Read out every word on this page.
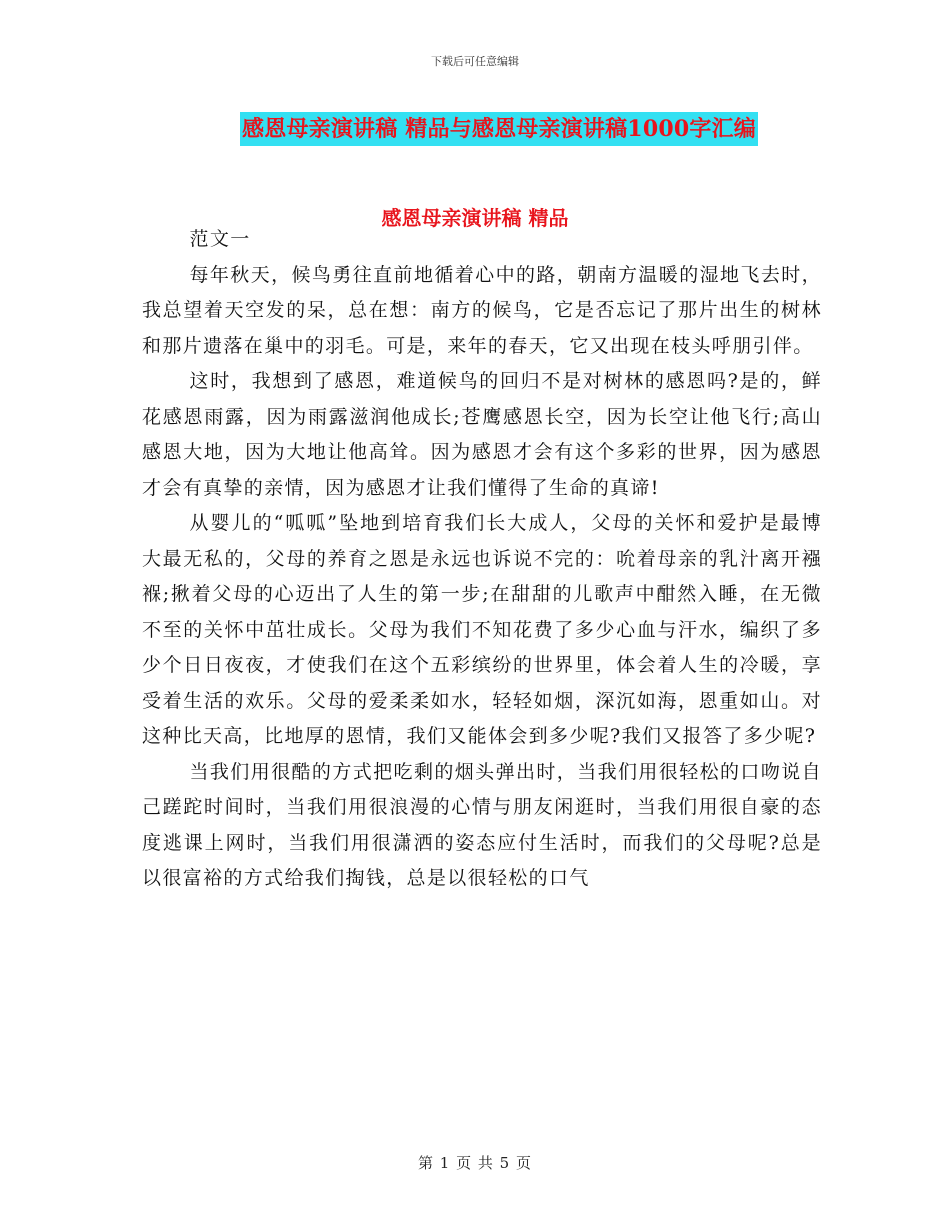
下载后可任意编辑
感恩母亲演讲稿 精品与感恩母亲演讲稿1000字汇编
感恩母亲演讲稿 精品

范文一

每年秋天，候鸟勇往直前地循着心中的路，朝南方温暖的湿地飞去时，我总望着天空发的呆，总在想：南方的候鸟，它是否忘记了那片出生的树林和那片遗落在巢中的羽毛。可是，来年的春天，它又出现在枝头呼朋引伴。

这时，我想到了感恩，难道候鸟的回归不是对树林的感恩吗?是的，鲜花感恩雨露，因为雨露滋润他成长;苍鹰感恩长空，因为长空让他飞行;高山感恩大地，因为大地让他高耸。因为感恩才会有这个多彩的世界，因为感恩才会有真挚的亲情，因为感恩才让我们懂得了生命的真谛!

从婴儿的“呱呱”坠地到培育我们长大成人，父母的关怀和爱护是最博大最无私的，父母的养育之恩是永远也诉说不完的：吮着母亲的乳汁离开襁褓;揪着父母的心迈出了人生的第一步;在甜甜的儿歌声中酣然入睡，在无微不至的关怀中茁壮成长。父母为我们不知花费了多少心血与汗水，编织了多少个日日夜夜，才使我们在这个五彩缤纷的世界里，体会着人生的冷暖，享受着生活的欢乐。父母的爱柔柔如水，轻轻如烟，深沉如海，恩重如山。对这种比天高，比地厚的恩情，我们又能体会到多少呢?我们又报答了多少呢?

当我们用很酷的方式把吃剩的烟头弹出时，当我们用很轻松的口吻说自己蹉跎时间时，当我们用很浪漫的心情与朋友闲逛时，当我们用很自豪的态度逃课上网时，当我们用很潇洒的姿态应付生活时，而我们的父母呢?总是以很富裕的方式给我们掏钱，总是以很轻松的口气

第 1 页 共 5 页
